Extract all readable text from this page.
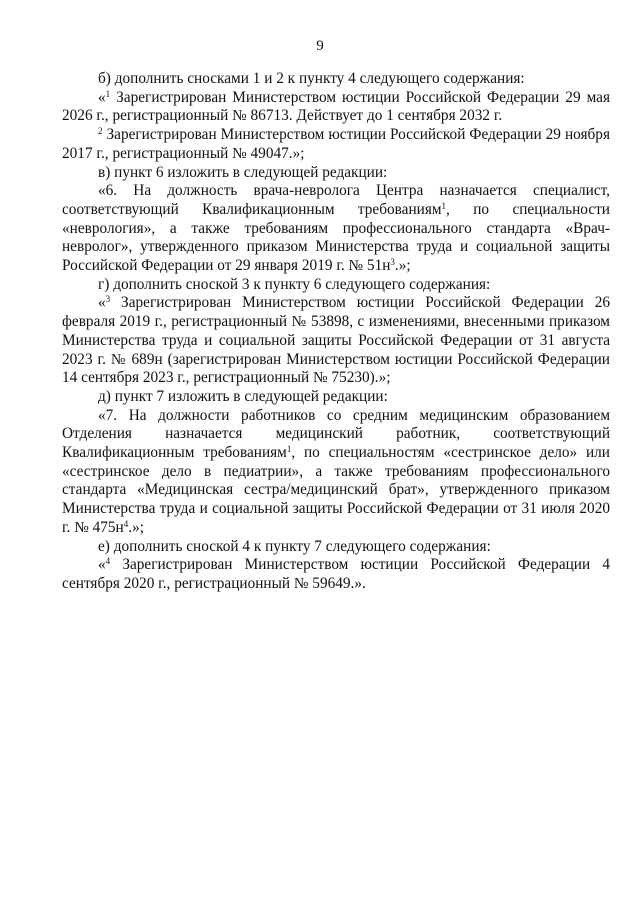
9

б) дополнить сносками 1 и 2 к пункту 4 следующего содержания:

«$^1$ Зарегистрирован Министерством юстиции Российской Федерации 29 мая 2026 г., регистрационный № 86713. Действует до 1 сентября 2032 г.

$^2$ Зарегистрирован Министерством юстиции Российской Федерации 29 ноября 2017 г., регистрационный № 49047.»;

в) пункт 6 изложить в следующей редакции:

«6. На должность врача-невролога Центра назначается специалист, соответствующий Квалификационным требованиям$^1$, по специальности «неврология», а также требованиям профессионального стандарта «Врач-невролог», утвержденного приказом Министерства труда и социальной защиты Российской Федерации от 29 января 2019 г. № $51н^3$.»;

г) дополнить сноской 3 к пункту 6 следующего содержания:

«$^3$ Зарегистрирован Министерством юстиции Российской Федерации 26 февраля 2019 г., регистрационный № 53898, с изменениями, внесенными приказом Министерства труда и социальной защиты Российской Федерации от 31 августа 2023 г. № 689н (зарегистрирован Министерством юстиции Российской Федерации 14 сентября 2023 г., регистрационный № 75230).»;

д) пункт 7 изложить в следующей редакции:

«7. На должности работников со средним медицинским образованием Отделения назначается медицинский работник, соответствующий Квалификационным требованиям$^1$, по специальностям «сестринское дело» или «сестринское дело в педиатрии», а также требованиям профессионального стандарта «Медицинская сестра/медицинский брат», утвержденного приказом Министерства труда и социальной защиты Российской Федерации от 31 июля 2020 г. № $475н^4$.»;

е) дополнить сноской 4 к пункту 7 следующего содержания:

«$^4$ Зарегистрирован Министерством юстиции Российской Федерации 4 сентября 2020 г., регистрационный № 59649.».
